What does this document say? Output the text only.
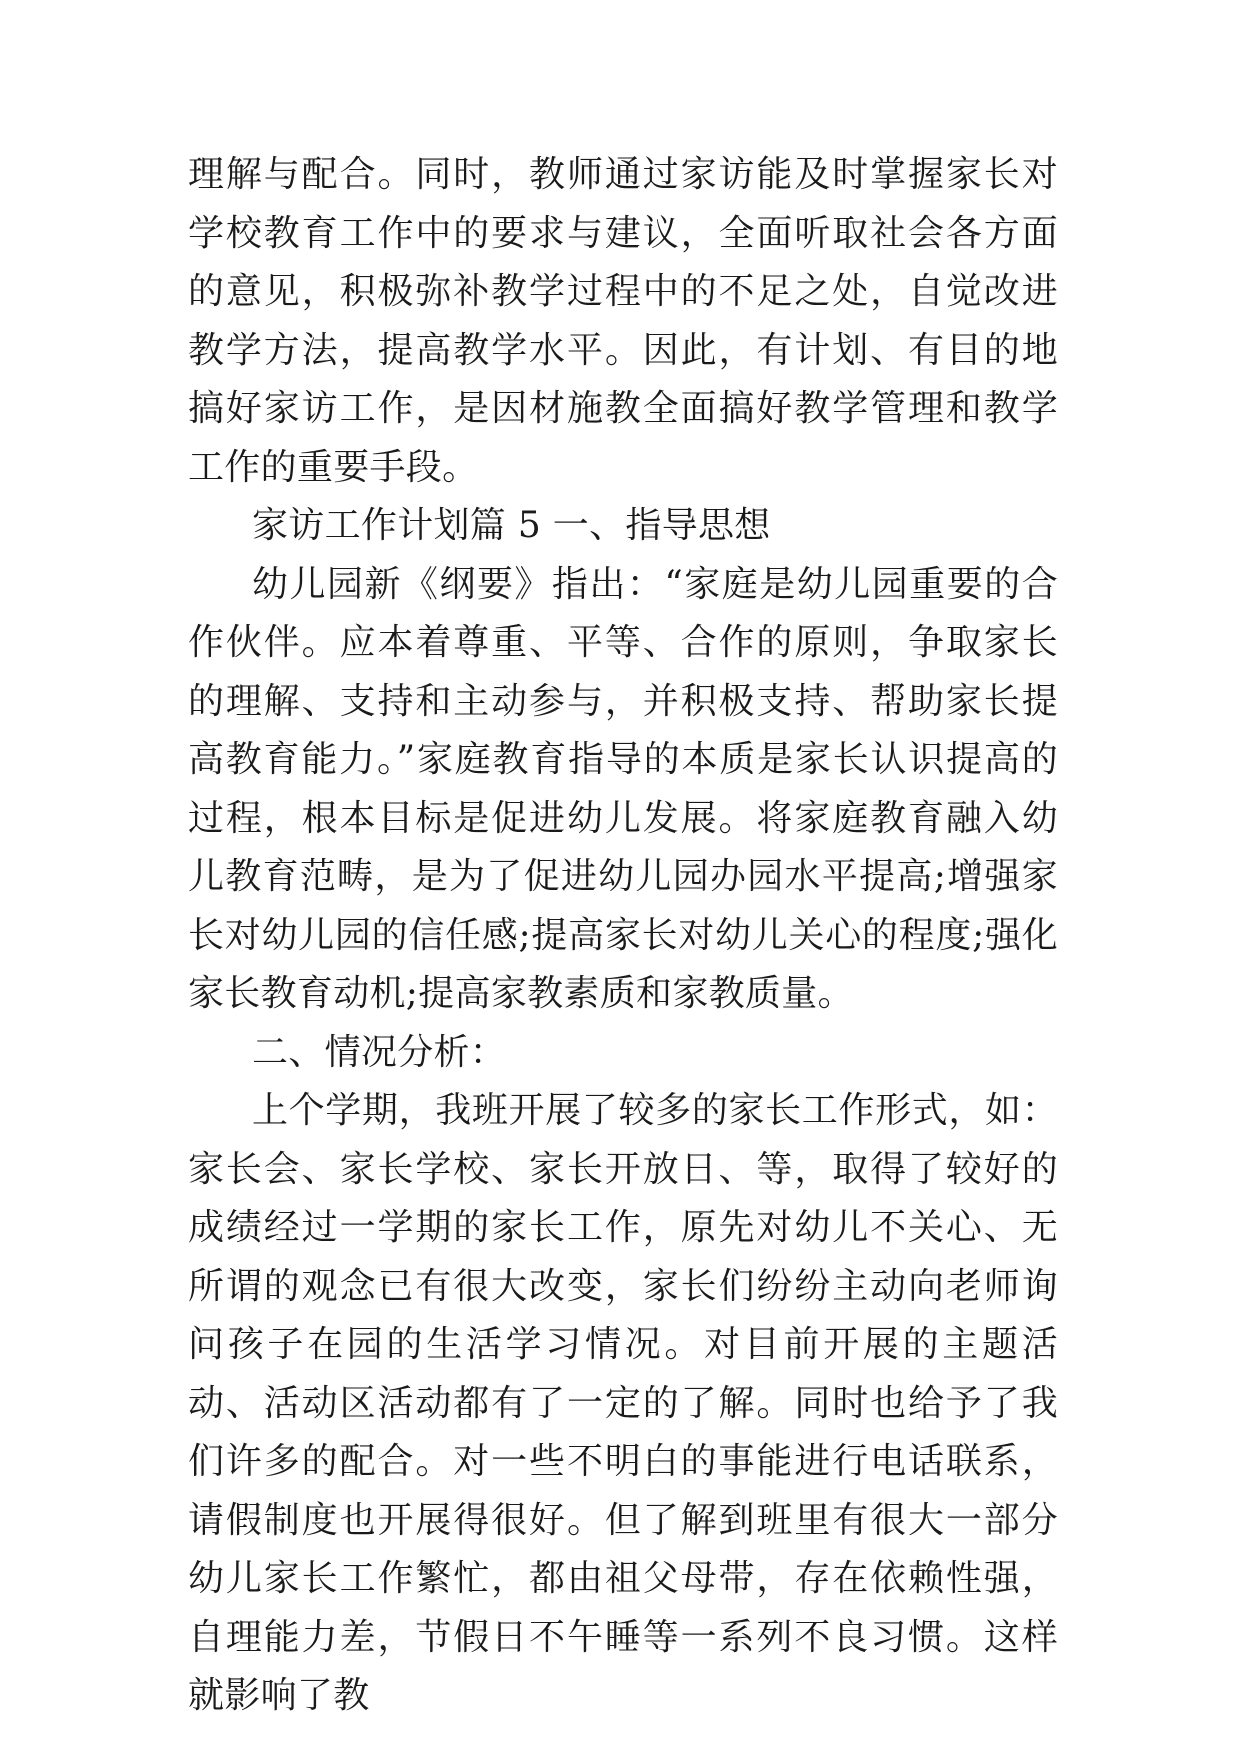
理解与配合。同时，教师通过家访能及时掌握家长对学校教育工作中的要求与建议，全面听取社会各方面的意见，积极弥补教学过程中的不足之处，自觉改进教学方法，提高教学水平。因此，有计划、有目的地搞好家访工作，是因材施教全面搞好教学管理和教学工作的重要手段。

家访工作计划篇 5 一、指导思想

幼儿园新《纲要》指出：“家庭是幼儿园重要的合作伙伴。应本着尊重、平等、合作的原则，争取家长的理解、支持和主动参与，并积极支持、帮助家长提高教育能力。”家庭教育指导的本质是家长认识提高的过程，根本目标是促进幼儿发展。将家庭教育融入幼儿教育范畴，是为了促进幼儿园办园水平提高;增强家长对幼儿园的信任感;提高家长对幼儿关心的程度;强化家长教育动机;提高家教素质和家教质量。

二、情况分析：

上个学期，我班开展了较多的家长工作形式，如：家长会、家长学校、家长开放日、等，取得了较好的成绩经过一学期的家长工作，原先对幼儿不关心、无所谓的观念已有很大改变，家长们纷纷主动向老师询问孩子在园的生活学习情况。对目前开展的主题活动、活动区活动都有了一定的了解。同时也给予了我们许多的配合。对一些不明白的事能进行电话联系，请假制度也开展得很好。但了解到班里有很大一部分幼儿家长工作繁忙，都由祖父母带，存在依赖性强，自理能力差，节假日不午睡等一系列不良习惯。这样就影响了教
